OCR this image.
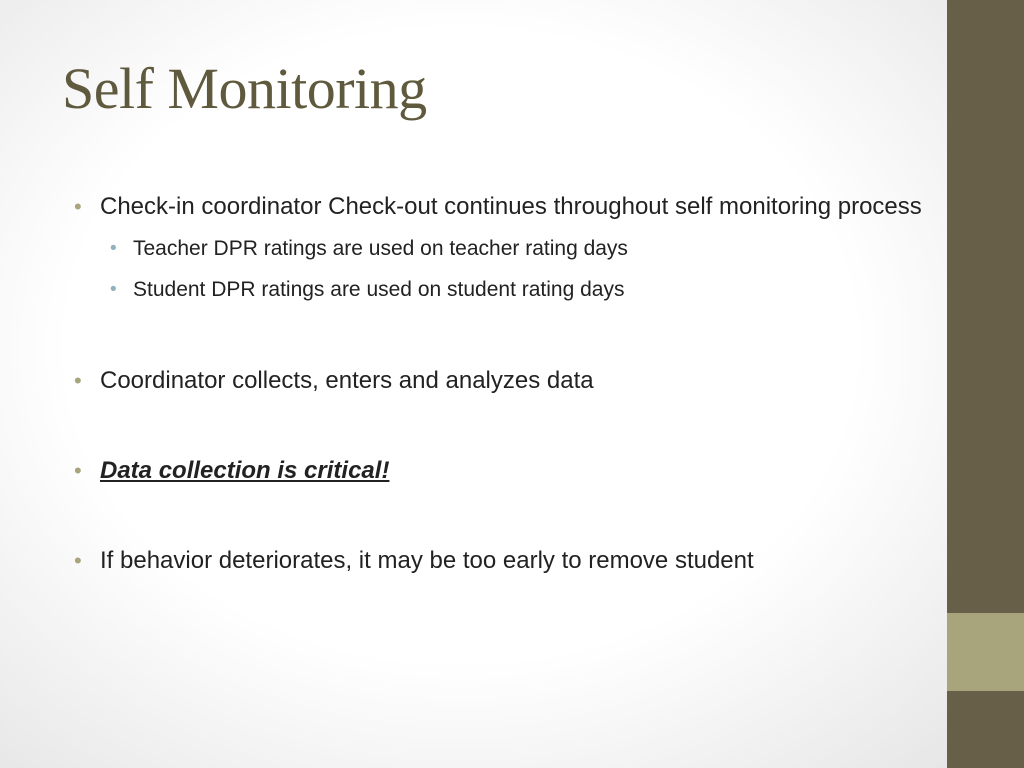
Self Monitoring
• Check-in coordinator Check-out continues throughout self monitoring process
• Teacher DPR ratings are used on teacher rating days
• Student DPR ratings are used on student rating days
• Coordinator collects, enters and analyzes data
• Data collection is critical!
• If behavior deteriorates, it may be too early to remove student
